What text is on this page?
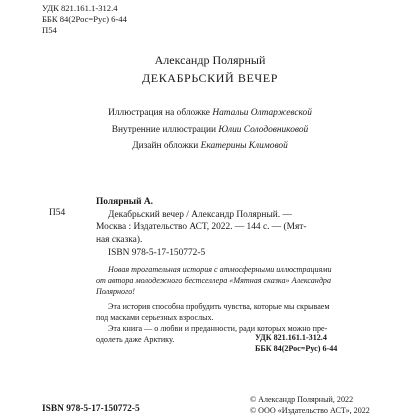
УДК 821.161.1-312.4
ББК 84(2Рос=Рус) 6-44
П54
Александр Полярный
ДЕКАБРЬСКИЙ ВЕЧЕР
Иллюстрация на обложке Натальи Олтаржевской
Внутренние иллюстрации Юлии Солодовниковой
Дизайн обложки Екатерины Климовой
П54
Полярный А.
Декабрьский вечер / Александр Полярный. —
Москва : Издательство АСТ, 2022. — 144 с. — (Мят-
ная сказка).
ISBN 978-5-17-150772-5

Новая трогательная история с атмосферными иллюстрациями
от автора молодежного бестселлера «Мятная сказка» Александра
Полярного!

Эта история способна пробудить чувства, которые мы скрываем
под масками серьезных взрослых.

Эта книга — о любви и преданности, ради которых можно пре-
одолеть даже Арктику.	УДК 821.161.1-312.4
ББК 84(2Рос=Рус) 6-44
ISBN 978-5-17-150772-5
© Александр Полярный, 2022
© ООО «Издательство АСТ», 2022
